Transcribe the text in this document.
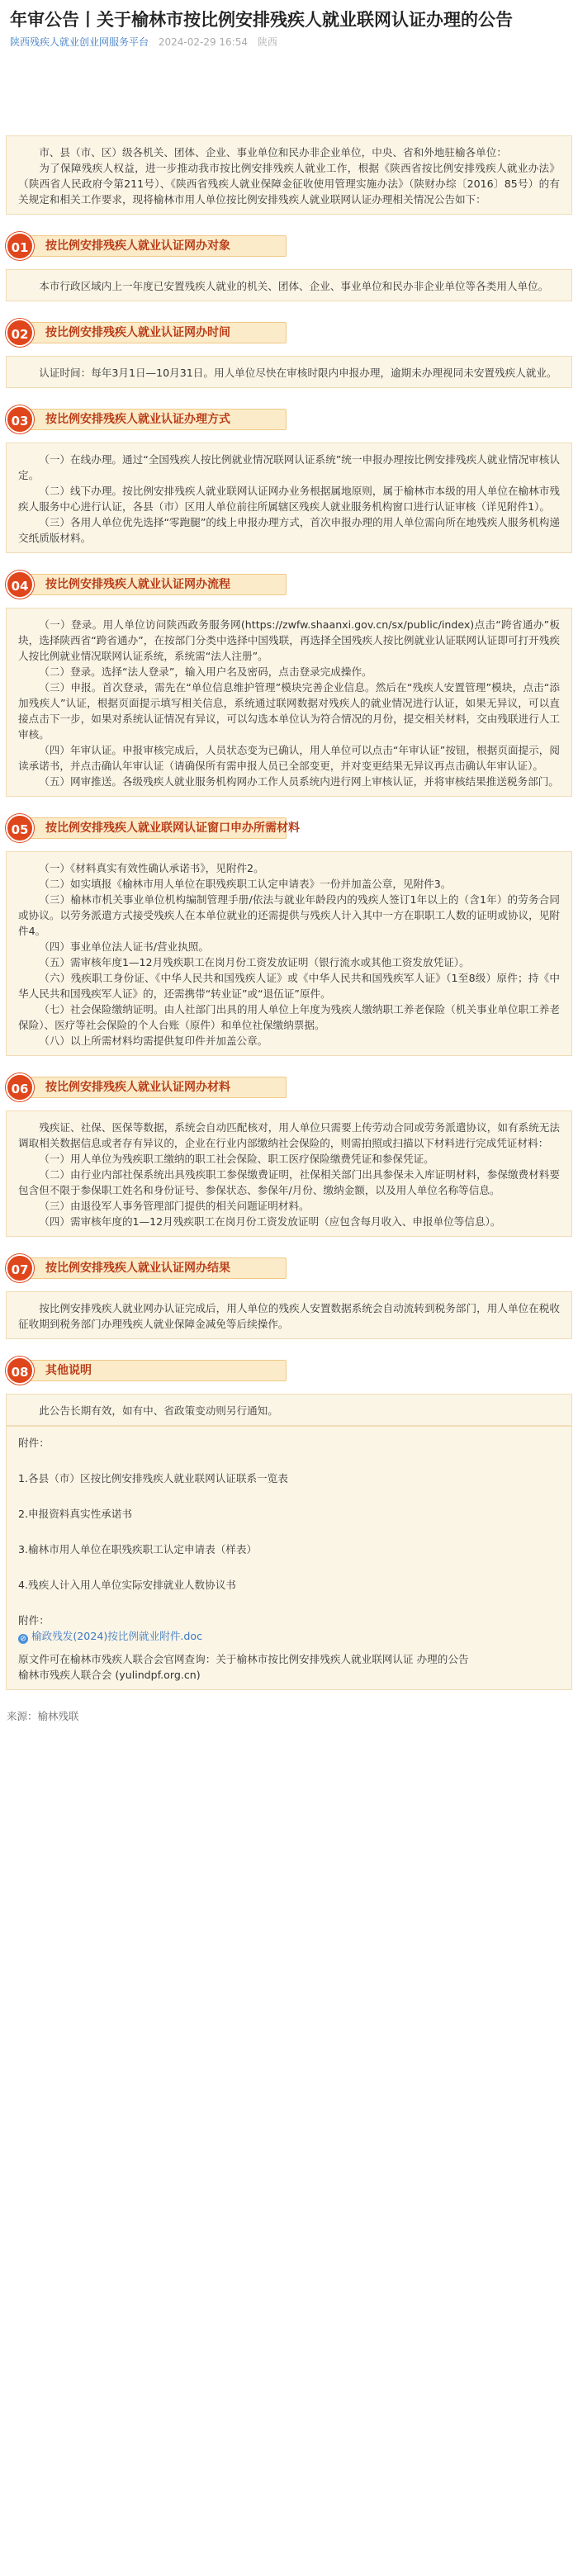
年审公告丨关于榆林市按比例安排残疾人就业联网认证办理的公告
陕西残疾人就业创业网服务平台 2024-02-29 16:54 陕西

市、县（市、区）级各机关、团体、企业、事业单位和民办非企业单位，中央、省和外地驻榆各单位：

为了保障残疾人权益，进一步推动我市按比例安排残疾人就业工作，根据《陕西省按比例安排残疾人就业办法》（陕西省人民政府令第211号）、《陕西省残疾人就业保障金征收使用管理实施办法》（陕财办综〔2016〕85号）的有关规定和相关工作要求，现将榆林市用人单位按比例安排残疾人就业联网认证办理相关情况公告如下：

01	按比例安排残疾人就业认证网办对象

本市行政区域内上一年度已安置残疾人就业的机关、团体、企业、事业单位和民办非企业单位等各类用人单位。

02	按比例安排残疾人就业认证网办时间

认证时间：每年3月1日—10月31日。用人单位尽快在审核时限内申报办理，逾期未办理视同未安置残疾人就业。

03	按比例安排残疾人就业认证办理方式

（一）在线办理。通过“全国残疾人按比例就业情况联网认证系统”统一申报办理按比例安排残疾人就业情况审核认定。

（二）线下办理。按比例安排残疾人就业联网认证网办业务根据属地原则，属于榆林市本级的用人单位在榆林市残疾人服务中心进行认证，各县（市）区用人单位前往所属辖区残疾人就业服务机构窗口进行认证审核（详见附件1）。

（三）各用人单位优先选择“零跑腿”的线上申报办理方式，首次申报办理的用人单位需向所在地残疾人服务机构递交纸质版材料。

04	按比例安排残疾人就业认证网办流程

（一）登录。用人单位访问陕西政务服务网(https://zwfw.shaanxi.gov.cn/sx/public/index)点击“跨省通办”板块，选择陕西省“跨省通办”，在按部门分类中选择中国残联，再选择全国残疾人按比例就业认证联网认证即可打开残疾人按比例就业情况联网认证系统，系统需“法人注册”。

（二）登录。选择“法人登录”，输入用户名及密码，点击登录完成操作。

（三）申报。首次登录，需先在“单位信息维护管理”模块完善企业信息。然后在“残疾人安置管理”模块，点击“添加残疾人”认证，根据页面提示填写相关信息，系统通过联网数据对残疾人的就业情况进行认证，如果无异议，可以直接点击下一步，如果对系统认证情况有异议，可以勾选本单位认为符合情况的月份，提交相关材料，交由残联进行人工审核。

（四）年审认证。申报审核完成后，人员状态变为已确认，用人单位可以点击“年审认证”按钮，根据页面提示，阅读承诺书，并点击确认年审认证（请确保所有需申报人员已全部变更，并对变更结果无异议再点击确认年审认证）。

（五）网审推送。各级残疾人就业服务机构网办工作人员系统内进行网上审核认证，并将审核结果推送税务部门。

05	按比例安排残疾人就业联网认证窗口申办所需材料

（一）《材料真实有效性确认承诺书》，见附件2。

（二）如实填报《榆林市用人单位在职残疾职工认定申请表》一份并加盖公章，见附件3。

（三）榆林市机关事业单位机构编制管理手册/依法与就业年龄段内的残疾人签订1年以上的（含1年）的劳务合同或协议。以劳务派遣方式接受残疾人在本单位就业的还需提供与残疾人计入其中一方在职职工人数的证明或协议，见附件4。

（四）事业单位法人证书/营业执照。

（五）需审核年度1—12月残疾职工在岗月份工资发放证明（银行流水或其他工资发放凭证）。

（六）残疾职工身份证、《中华人民共和国残疾人证》或《中华人民共和国残疾军人证》（1至8级）原件；持《中华人民共和国残疾军人证》的，还需携带“转业证”或“退伍证”原件。

（七）社会保险缴纳证明。由人社部门出具的用人单位上年度为残疾人缴纳职工养老保险（机关事业单位职工养老保险）、医疗等社会保险的个人台账（原件）和单位社保缴纳票据。

（八）以上所需材料均需提供复印件并加盖公章。

06	按比例安排残疾人就业认证网办材料

残疾证、社保、医保等数据，系统会自动匹配核对，用人单位只需要上传劳动合同或劳务派遣协议，如有系统无法调取相关数据信息或者存有异议的，企业在行业内部缴纳社会保险的，则需拍照或扫描以下材料进行完成凭证材料：

（一）用人单位为残疾职工缴纳的职工社会保险、职工医疗保险缴费凭证和参保凭证。

（二）由行业内部社保系统出具残疾职工参保缴费证明，社保相关部门出具参保未入库证明材料，参保缴费材料要包含但不限于参保职工姓名和身份证号、参保状态、参保年/月份、缴纳金额，以及用人单位名称等信息。

（三）由退役军人事务管理部门提供的相关问题证明材料。

（四）需审核年度的1—12月残疾职工在岗月份工资发放证明（应包含每月收入、申报单位等信息）。

07	按比例安排残疾人就业认证网办结果

按比例安排残疾人就业网办认证完成后，用人单位的残疾人安置数据系统会自动流转到税务部门，用人单位在税收征收期到税务部门办理残疾人就业保障金减免等后续操作。

08	其他说明

此公告长期有效，如有中、省政策变动则另行通知。

附件：

1.各县（市）区按比例安排残疾人就业联网认证联系一览表

2.申报资料真实性承诺书

3.榆林市用人单位在职残疾职工认定申请表（样表）

4.残疾人计入用人单位实际安排就业人数协议书

附件：

⊘ 榆政残发(2024)按比例就业附件.doc

原文件可在榆林市残疾人联合会官网查询：关于榆林市按比例安排残疾人就业联网认证 办理的公告

榆林市残疾人联合会 (yulindpf.org.cn)

来源：榆林残联
